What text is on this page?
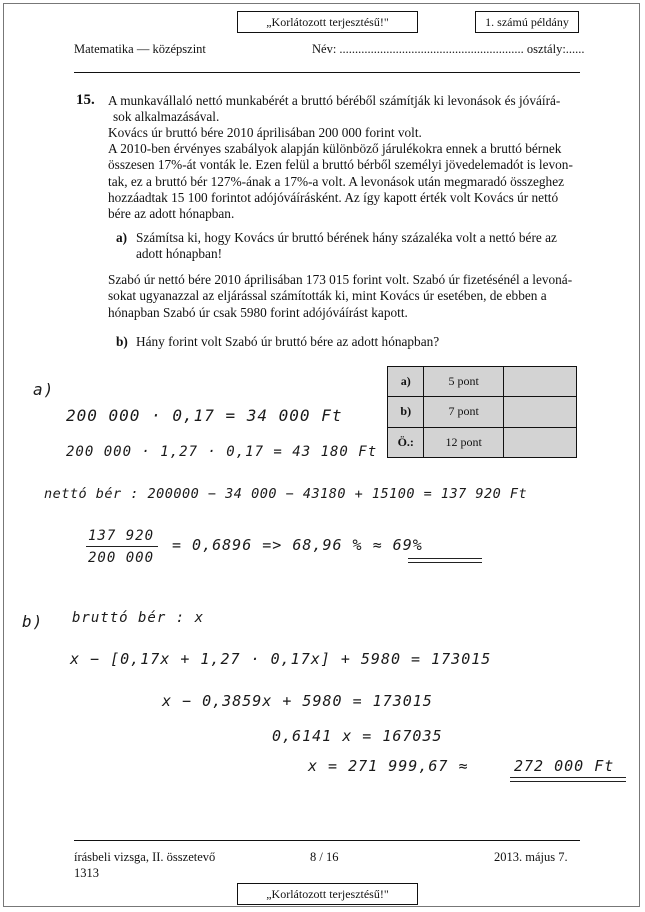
„Korlátozott terjesztésű!"	1. számú példány
Matematika — középszint	Név: ........................................................... osztály:......
15. A munkavállaló nettó munkabérét a bruttó béréből számítják ki levonások és jóváírá-

sok alkalmazásával.

Kovács úr bruttó bére 2010 áprilisában 200 000 forint volt.

A 2010-ben érvényes szabályok alapján különböző járulékokra ennek a bruttó bérnek

összesen 17%-át vonták le. Ezen felül a bruttó bérből személyi jövedelemadót is levon-

tak, ez a bruttó bér 127%-ának a 17%-a volt. A levonások után megmaradó összeghez

hozzáadtak 15 100 forintot adójóváírásként. Az így kapott érték volt Kovács úr nettó

bére az adott hónapban.

a) Számítsa ki, hogy Kovács úr bruttó bérének hány százaléka volt a nettó bére az

adott hónapban!

Szabó úr nettó bére 2010 áprilisában 173 015 forint volt. Szabó úr fizetésénél a levoná-

sokat ugyanazzal az eljárással számították ki, mint Kovács úr esetében, de ebben a

hónapban Szabó úr csak 5980 forint adójóváírást kapott.

b) Hány forint volt Szabó úr bruttó bére az adott hónapban?
a)	5 pont	
b)	7 pont	
Ö.:	12 pont	
a)
200 000 · 0,17 = 34 000 Ft
200 000 · 1,27 · 0,17 = 43 180 Ft
nettó bér : 200000 − 34 000 − 43180 + 15100 = 137 920 Ft
137 920
200 000
= 0,6896 => 68,96 % ≈ 69%
b) bruttó bér : x
x − [0,17x + 1,27 · 0,17x] + 5980 = 173015
x − 0,3859x + 5980 = 173015
0,6141 x = 167035
x = 271 999,67 ≈	272 000 Ft
írásbeli vizsga, II. összetevő
1313
8 / 16	2013. május 7.
„Korlátozott terjesztésű!"
